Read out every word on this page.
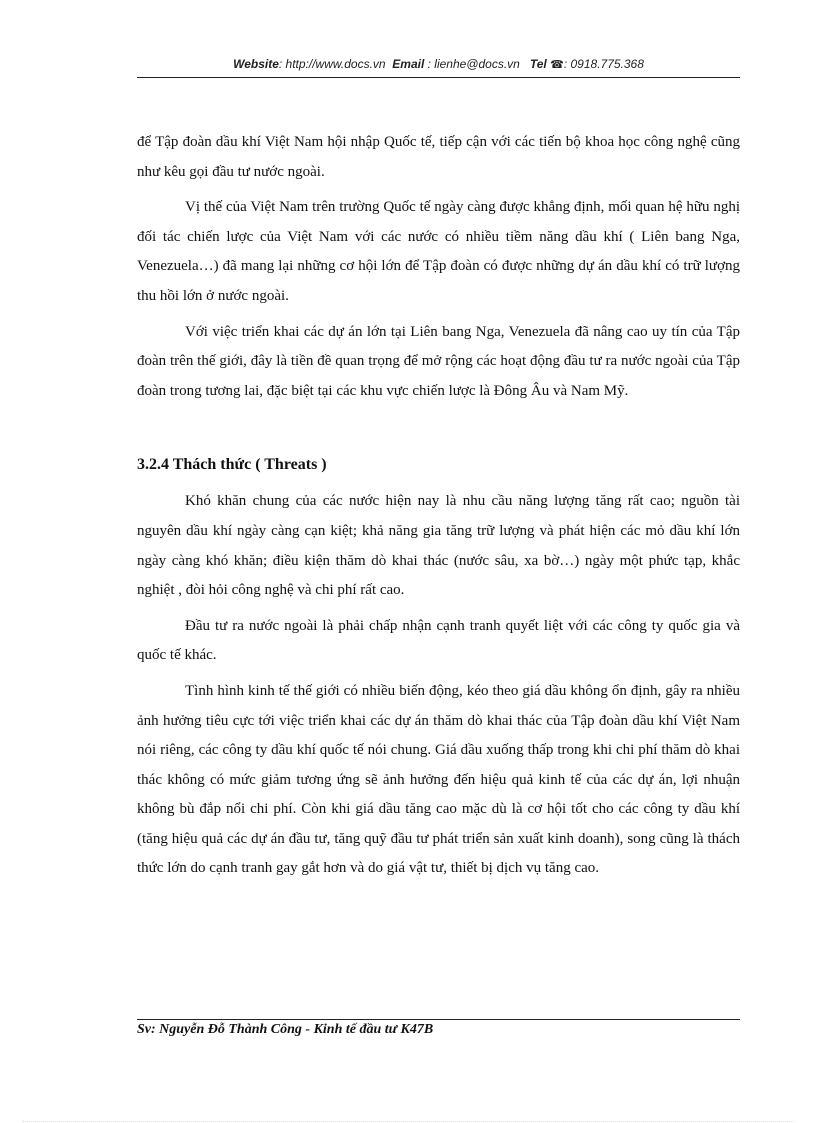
Website: http://www.docs.vn Email : lienhe@docs.vn Tel ☎: 0918.775.368

để Tập đoàn dầu khí Việt Nam hội nhập Quốc tế, tiếp cận với các tiến bộ khoa học công nghệ cũng như kêu gọi đầu tư nước ngoài.

Vị thế của Việt Nam trên trường Quốc tế ngày càng được khẳng định, mối quan hệ hữu nghị đối tác chiến lược của Việt Nam với các nước có nhiều tiềm năng dầu khí ( Liên bang Nga, Venezuela…) đã mang lại những cơ hội lớn để Tập đoàn có được những dự án dầu khí có trữ lượng thu hồi lớn ở nước ngoài.

Với việc triển khai các dự án lớn tại Liên bang Nga, Venezuela đã nâng cao uy tín của Tập đoàn trên thế giới, đây là tiền đề quan trọng để mở rộng các hoạt động đầu tư ra nước ngoài của Tập đoàn trong tương lai, đặc biệt tại các khu vực chiến lược là Đông Âu và Nam Mỹ.

3.2.4 Thách thức ( Threats )

Khó khăn chung của các nước hiện nay là nhu cầu năng lượng tăng rất cao; nguồn tài nguyên dầu khí ngày càng cạn kiệt; khả năng gia tăng trữ lượng và phát hiện các mỏ dầu khí lớn ngày càng khó khăn; điều kiện thăm dò khai thác (nước sâu, xa bờ…) ngày một phức tạp, khắc nghiệt , đòi hỏi công nghệ và chi phí rất cao.

Đầu tư ra nước ngoài là phải chấp nhận cạnh tranh quyết liệt với các công ty quốc gia và quốc tế khác.

Tình hình kinh tế thế giới có nhiều biến động, kéo theo giá dầu không ổn định, gây ra nhiều ảnh hưởng tiêu cực tới việc triển khai các dự án thăm dò khai thác của Tập đoàn dầu khí Việt Nam nói riêng, các công ty dầu khí quốc tế nói chung. Giá dầu xuống thấp trong khi chi phí thăm dò khai thác không có mức giảm tương ứng sẽ ảnh hưởng đến hiệu quả kinh tế của các dự án, lợi nhuận không bù đắp nổi chi phí. Còn khi giá dầu tăng cao mặc dù là cơ hội tốt cho các công ty dầu khí (tăng hiệu quả các dự án đầu tư, tăng quỹ đầu tư phát triển sản xuất kinh doanh), song cũng là thách thức lớn do cạnh tranh gay gắt hơn và do giá vật tư, thiết bị dịch vụ tăng cao.

Sv: Nguyễn Đỗ Thành Công - Kinh tế đầu tư K47B
